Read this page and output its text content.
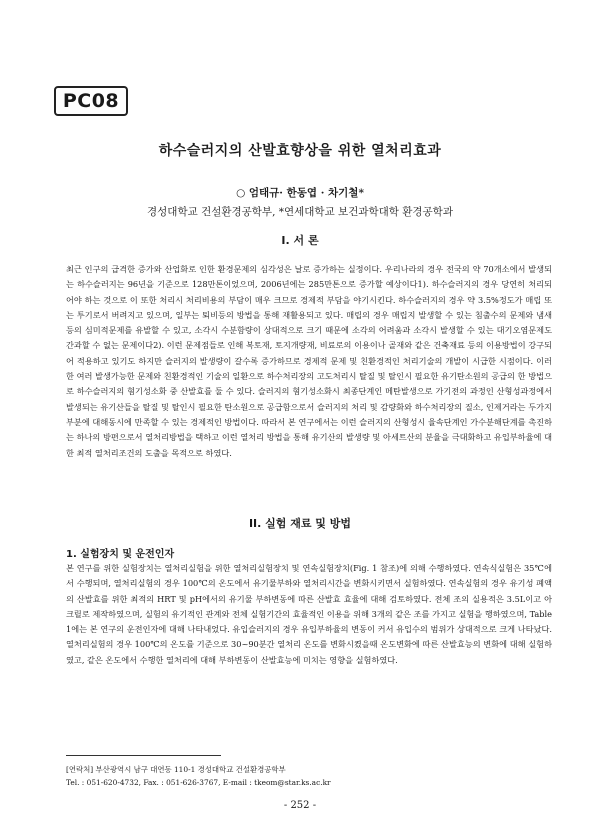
PC08
하수슬러지의 산발효향상을 위한 열처리효과
○ 엄태규· 한동엽 · 차기철*
경성대학교 건설환경공학부, *연세대학교 보건과학대학 환경공학과
I. 서 론
최근 인구의 급격한 증가와 산업화로 인한 환경문제의 심각성은 날로 증가하는 실정이다. 우리나라의 경우 전국의 약 70개소에서 발생되는 하수슬러지는 96년을 기준으로 128만톤이었으며, 2006년에는 285만톤으로 증가할 예상이다1). 하수슬러지의 경우 당연히 처리되어야 하는 것으로 이 또한 처리시 처리비용의 부담이 매우 크므로 경제적 부담을 야기시킨다. 하수슬러지의 경우 약 3.5%정도가 매립 또는 투기로서 버려지고 있으며, 일부는 퇴비등의 방법을 통해 재활용되고 있다. 매립의 경우 매립지 발생할 수 있는 침출수의 문제와 냄새등의 심미적문제를 유발할 수 있고, 소각시 수분함량이 상대적으로 크기 때문에 소각의 어려움과 소각시 발생할 수 있는 대기오염문제도 간과할 수 없는 문제이다2). 이런 문제점들로 인해 복토재, 토지개량재, 비료로의 이용이나 골재와 같은 건축재료 등의 이용방법이 강구되어 적용하고 있기도 하지만 슬러지의 발생량이 갈수록 증가하므로 경제적 문제 및 친환경적인 처리기술의 개발이 시급한 시점이다. 이러한 여러 발생가능한 문제와 친환경적인 기술의 일환으로 하수처리장의 고도처리시 탈질 및 탈인시 필요한 유기탄소원의 공급의 한 방법으로 하수슬러지의 혐기성소화 중 산발효를 둘 수 있다. 슬러지의 혐기성소화시 최종단계인 메탄발생으로 가기전의 과정인 산형성과정에서 발생되는 유기산들을 탈질 및 탈인시 필요한 탄소원으로 공급함으로서 슬러지의 처리 및 감량화와 하수처리장의 질소, 인제거라는 두가지 부분에 대해동시에 만족할 수 있는 경제적인 방법이다. 따라서 본 연구에서는 이런 슬러지의 산형성시 율속단계인 가수분해단계를 촉진하는 하나의 방편으로서 열처리방법을 택하고 이런 열처리 방법을 통해 유기산의 발생량 및 아세트산의 분율을 극대화하고 유입부하율에 대한 최적 열처리조건의 도출을 목적으로 하였다.
II. 실험 재료 및 방법
1. 실험장치 및 운전인자
본 연구를 위한 실험장치는 열처리실험을 위한 열처리실험장치 및 연속실험장치(Fig. 1 참조)에 의해 수행하였다. 연속식실험은 35℃에서 수행되며, 열처리실험의 경우 100℃의 온도에서 유기물부하와 열처리시간을 변화시키면서 실험하였다. 연속실험의 경우 유기성 폐액의 산발효를 위한 최적의 HRT 및 pH에서의 유기물 부하변동에 따른 산발효 효율에 대해 검토하였다. 전체 조의 실용적은 3.5L이고 아크릴로 제작하였으며, 실험의 유기적인 관계와 전체 실험기간의 효율적인 이용을 위해 3개의 같은 조를 가지고 실험을 행하였으며, Table 1에는 본 연구의 운전인자에 대해 나타내었다. 유입슬러지의 경우 유입부하율의 변동이 커서 유입수의 범위가 상대적으로 크게 나타났다. 열처리실험의 경우 100℃의 온도를 기준으로 30~90분간 열처리 온도를 변화시켰을때 온도변화에 따른 산발효능의 변화에 대해 실험하였고, 같은 온도에서 수행한 열처리에 대해 부하변동이 산발효능에 미치는 영향을 실험하였다.
[연락처] 부산광역시 남구 대연동 110-1 경성대학교 건설환경공학부
Tel. : 051-620-4732, Fax. : 051-626-3767, E-mail : tkeom@star.ks.ac.kr
- 252 -
